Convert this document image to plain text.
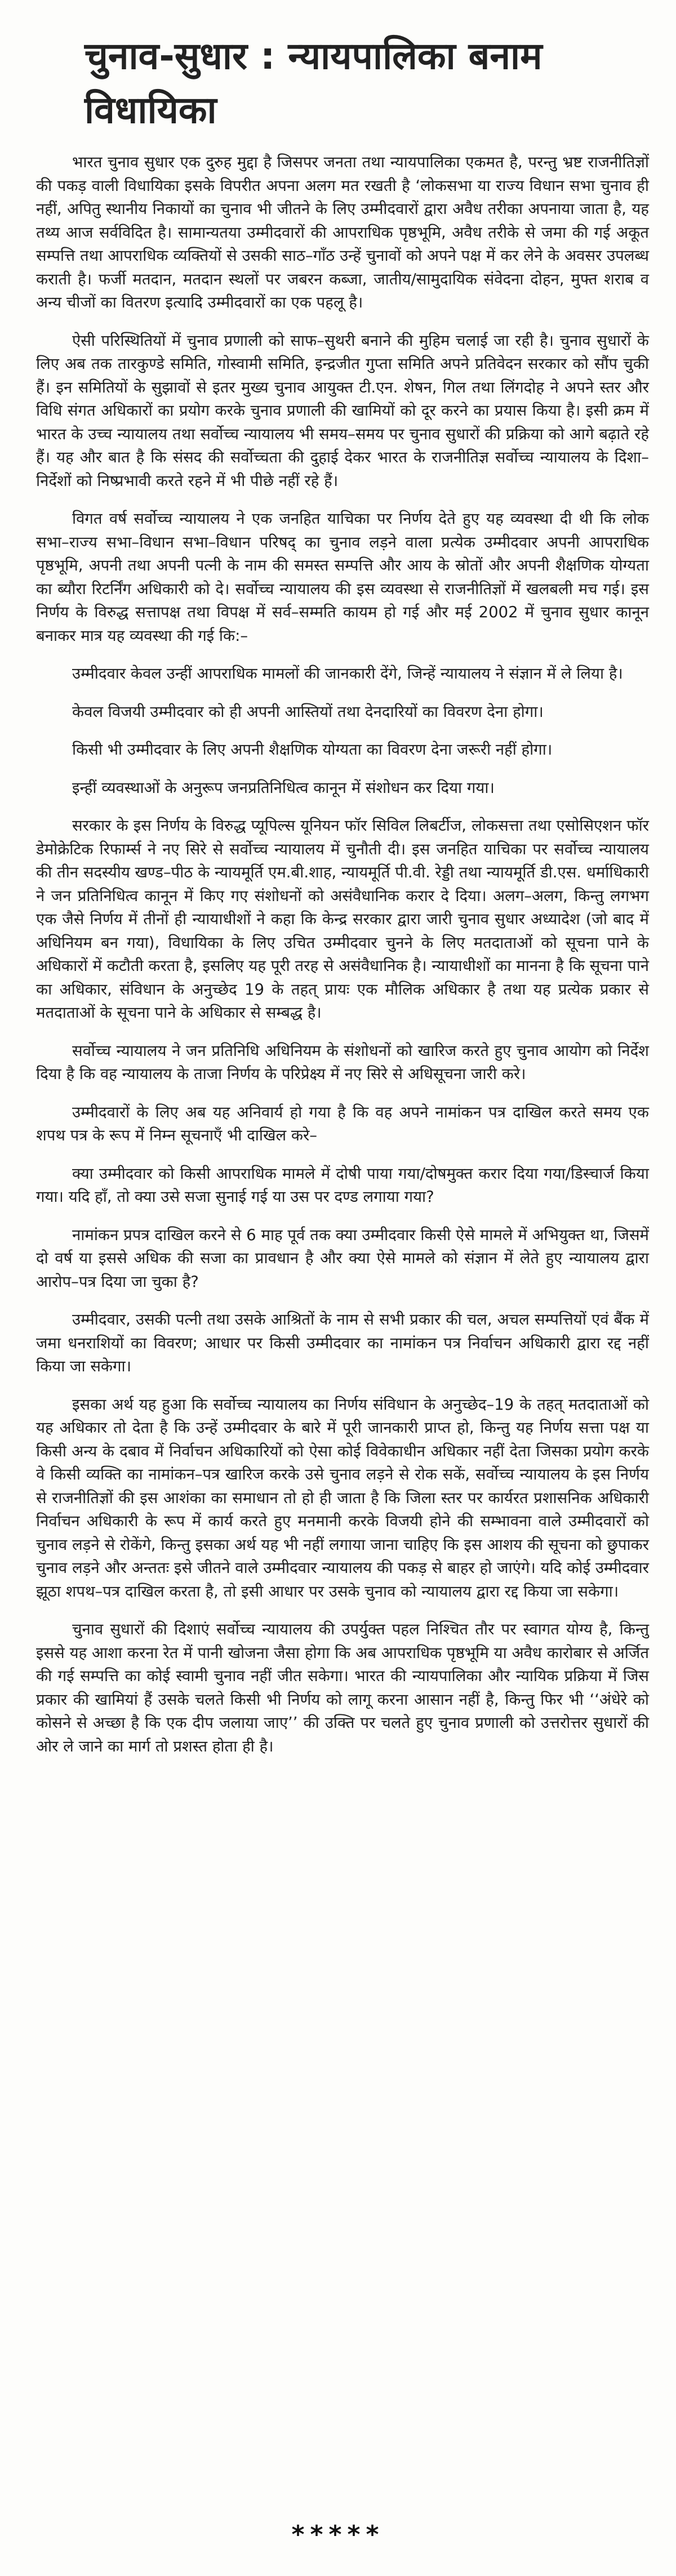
चुनाव-सुधार : न्यायपालिका बनाम विधायिका

भारत चुनाव सुधार एक दुरुह मुद्दा है जिसपर जनता तथा न्यायपालिका एकमत है, परन्तु भ्रष्ट राजनीतिज्ञों की पकड़ वाली विधायिका इसके विपरीत अपना अलग मत रखती है ‘लोकसभा या राज्य विधान सभा चुनाव ही नहीं, अपितु स्थानीय निकायों का चुनाव भी जीतने के लिए उम्मीदवारों द्वारा अवैध तरीका अपनाया जाता है, यह तथ्य आज सर्वविदित है। सामान्यतया उम्मीदवारों की आपराधिक पृष्ठभूमि, अवैध तरीके से जमा की गई अकूत सम्पत्ति तथा आपराधिक व्यक्तियों से उसकी साठ–गाँठ उन्हें चुनावों को अपने पक्ष में कर लेने के अवसर उपलब्ध कराती है। फर्जी मतदान, मतदान स्थलों पर जबरन कब्जा, जातीय/सामुदायिक संवेदना दोहन, मुफ्त शराब व अन्य चीजों का वितरण इत्यादि उम्मीदवारों का एक पहलू है।

ऐसी परिस्थितियों में चुनाव प्रणाली को साफ–सुथरी बनाने की मुहिम चलाई जा रही है। चुनाव सुधारों के लिए अब तक तारकुण्डे समिति, गोस्वामी समिति, इन्द्रजीत गुप्ता समिति अपने प्रतिवेदन सरकार को सौंप चुकी हैं। इन समितियों के सुझावों से इतर मुख्य चुनाव आयुक्त टी.एन. शेषन, गिल तथा लिंगदोह ने अपने स्तर और विधि संगत अधिकारों का प्रयोग करके चुनाव प्रणाली की खामियों को दूर करने का प्रयास किया है। इसी क्रम में भारत के उच्च न्यायालय तथा सर्वोच्च न्यायालय भी समय–समय पर चुनाव सुधारों की प्रक्रिया को आगे बढ़ाते रहे हैं। यह और बात है कि संसद की सर्वोच्चता की दुहाई देकर भारत के राजनीतिज्ञ सर्वोच्च न्यायालय के दिशा–निर्देशों को निष्प्रभावी करते रहने में भी पीछे नहीं रहे हैं।

विगत वर्ष सर्वोच्च न्यायालय ने एक जनहित याचिका पर निर्णय देते हुए यह व्यवस्था दी थी कि लोक सभा–राज्य सभा–विधान सभा–विधान परिषद् का चुनाव लड़ने वाला प्रत्येक उम्मीदवार अपनी आपराधिक पृष्ठभूमि, अपनी तथा अपनी पत्नी के नाम की समस्त सम्पत्ति और आय के स्रोतों और अपनी शैक्षणिक योग्यता का ब्यौरा रिटर्निंग अधिकारी को दे। सर्वोच्च न्यायालय की इस व्यवस्था से राजनीतिज्ञों में खलबली मच गई। इस निर्णय के विरुद्ध सत्तापक्ष तथा विपक्ष में सर्व–सम्मति कायम हो गई और मई 2002 में चुनाव सुधार कानून बनाकर मात्र यह व्यवस्था की गई कि:–

उम्मीदवार केवल उन्हीं आपराधिक मामलों की जानकारी देंगे, जिन्हें न्यायालय ने संज्ञान में ले लिया है।

केवल विजयी उम्मीदवार को ही अपनी आस्तियों तथा देनदारियों का विवरण देना होगा।

किसी भी उम्मीदवार के लिए अपनी शैक्षणिक योग्यता का विवरण देना जरूरी नहीं होगा।

इन्हीं व्यवस्थाओं के अनुरूप जनप्रतिनिधित्व कानून में संशोधन कर दिया गया।

सरकार के इस निर्णय के विरुद्ध प्यूपिल्स यूनियन फॉर सिविल लिबर्टीज, लोकसत्ता तथा एसोसिएशन फॉर डेमोक्रेटिक रिफार्म्स ने नए सिरे से सर्वोच्च न्यायालय में चुनौती दी। इस जनहित याचिका पर सर्वोच्च न्यायालय की तीन सदस्यीय खण्ड–पीठ के न्यायमूर्ति एम.बी.शाह, न्यायमूर्ति पी.वी. रेड्डी तथा न्यायमूर्ति डी.एस. धर्माधिकारी ने जन प्रतिनिधित्व कानून में किए गए संशोधनों को असंवैधानिक करार दे दिया। अलग–अलग, किन्तु लगभग एक जैसे निर्णय में तीनों ही न्यायाधीशों ने कहा कि केन्द्र सरकार द्वारा जारी चुनाव सुधार अध्यादेश (जो बाद में अधिनियम बन गया), विधायिका के लिए उचित उम्मीदवार चुनने के लिए मतदाताओं को सूचना पाने के अधिकारों में कटौती करता है, इसलिए यह पूरी तरह से असंवैधानिक है। न्यायाधीशों का मानना है कि सूचना पाने का अधिकार, संविधान के अनुच्छेद 19 के तहत् प्रायः एक मौलिक अधिकार है तथा यह प्रत्येक प्रकार से मतदाताओं के सूचना पाने के अधिकार से सम्बद्ध है।

सर्वोच्च न्यायालय ने जन प्रतिनिधि अधिनियम के संशोधनों को खारिज करते हुए चुनाव आयोग को निर्देश दिया है कि वह न्यायालय के ताजा निर्णय के परिप्रेक्ष्य में नए सिरे से अधिसूचना जारी करे।

उम्मीदवारों के लिए अब यह अनिवार्य हो गया है कि वह अपने नामांकन पत्र दाखिल करते समय एक शपथ पत्र के रूप में निम्न सूचनाएँ भी दाखिल करे–

क्या उम्मीदवार को किसी आपराधिक मामले में दोषी पाया गया/दोषमुक्त करार दिया गया/डिस्चार्ज किया गया। यदि हाँ, तो क्या उसे सजा सुनाई गई या उस पर दण्ड लगाया गया?

नामांकन प्रपत्र दाखिल करने से 6 माह पूर्व तक क्या उम्मीदवार किसी ऐसे मामले में अभियुक्त था, जिसमें दो वर्ष या इससे अधिक की सजा का प्रावधान है और क्या ऐसे मामले को संज्ञान में लेते हुए न्यायालय द्वारा आरोप–पत्र दिया जा चुका है?

उम्मीदवार, उसकी पत्नी तथा उसके आश्रितों के नाम से सभी प्रकार की चल, अचल सम्पत्तियों एवं बैंक में जमा धनराशियों का विवरण; आधार पर किसी उम्मीदवार का नामांकन पत्र निर्वाचन अधिकारी द्वारा रद्द नहीं किया जा सकेगा।

इसका अर्थ यह हुआ कि सर्वोच्च न्यायालय का निर्णय संविधान के अनुच्छेद–19 के तहत् मतदाताओं को यह अधिकार तो देता है कि उन्हें उम्मीदवार के बारे में पूरी जानकारी प्राप्त हो, किन्तु यह निर्णय सत्ता पक्ष या किसी अन्य के दबाव में निर्वाचन अधिकारियों को ऐसा कोई विवेकाधीन अधिकार नहीं देता जिसका प्रयोग करके वे किसी व्यक्ति का नामांकन–पत्र खारिज करके उसे चुनाव लड़ने से रोक सकें, सर्वोच्च न्यायालय के इस निर्णय से राजनीतिज्ञों की इस आशंका का समाधान तो हो ही जाता है कि जिला स्तर पर कार्यरत प्रशासनिक अधिकारी निर्वाचन अधिकारी के रूप में कार्य करते हुए मनमानी करके विजयी होने की सम्भावना वाले उम्मीदवारों को चुनाव लड़ने से रोकेंगे, किन्तु इसका अर्थ यह भी नहीं लगाया जाना चाहिए कि इस आशय की सूचना को छुपाकर चुनाव लड़ने और अन्ततः इसे जीतने वाले उम्मीदवार न्यायालय की पकड़ से बाहर हो जाएंगे। यदि कोई उम्मीदवार झूठा शपथ–पत्र दाखिल करता है, तो इसी आधार पर उसके चुनाव को न्यायालय द्वारा रद्द किया जा सकेगा।

चुनाव सुधारों की दिशाएं सर्वोच्च न्यायालय की उपर्युक्त पहल निश्चित तौर पर स्वागत योग्य है, किन्तु इससे यह आशा करना रेत में पानी खोजना जैसा होगा कि अब आपराधिक पृष्ठभूमि या अवैध कारोबार से अर्जित की गई सम्पत्ति का कोई स्वामी चुनाव नहीं जीत सकेगा। भारत की न्यायपालिका और न्यायिक प्रक्रिया में जिस प्रकार की खामियां हैं उसके चलते किसी भी निर्णय को लागू करना आसान नहीं है, किन्तु फिर भी ‘‘अंधेरे को कोसने से अच्छा है कि एक दीप जलाया जाए’’ की उक्ति पर चलते हुए चुनाव प्रणाली को उत्तरोत्तर सुधारों की ओर ले जाने का मार्ग तो प्रशस्त होता ही है।

*****
